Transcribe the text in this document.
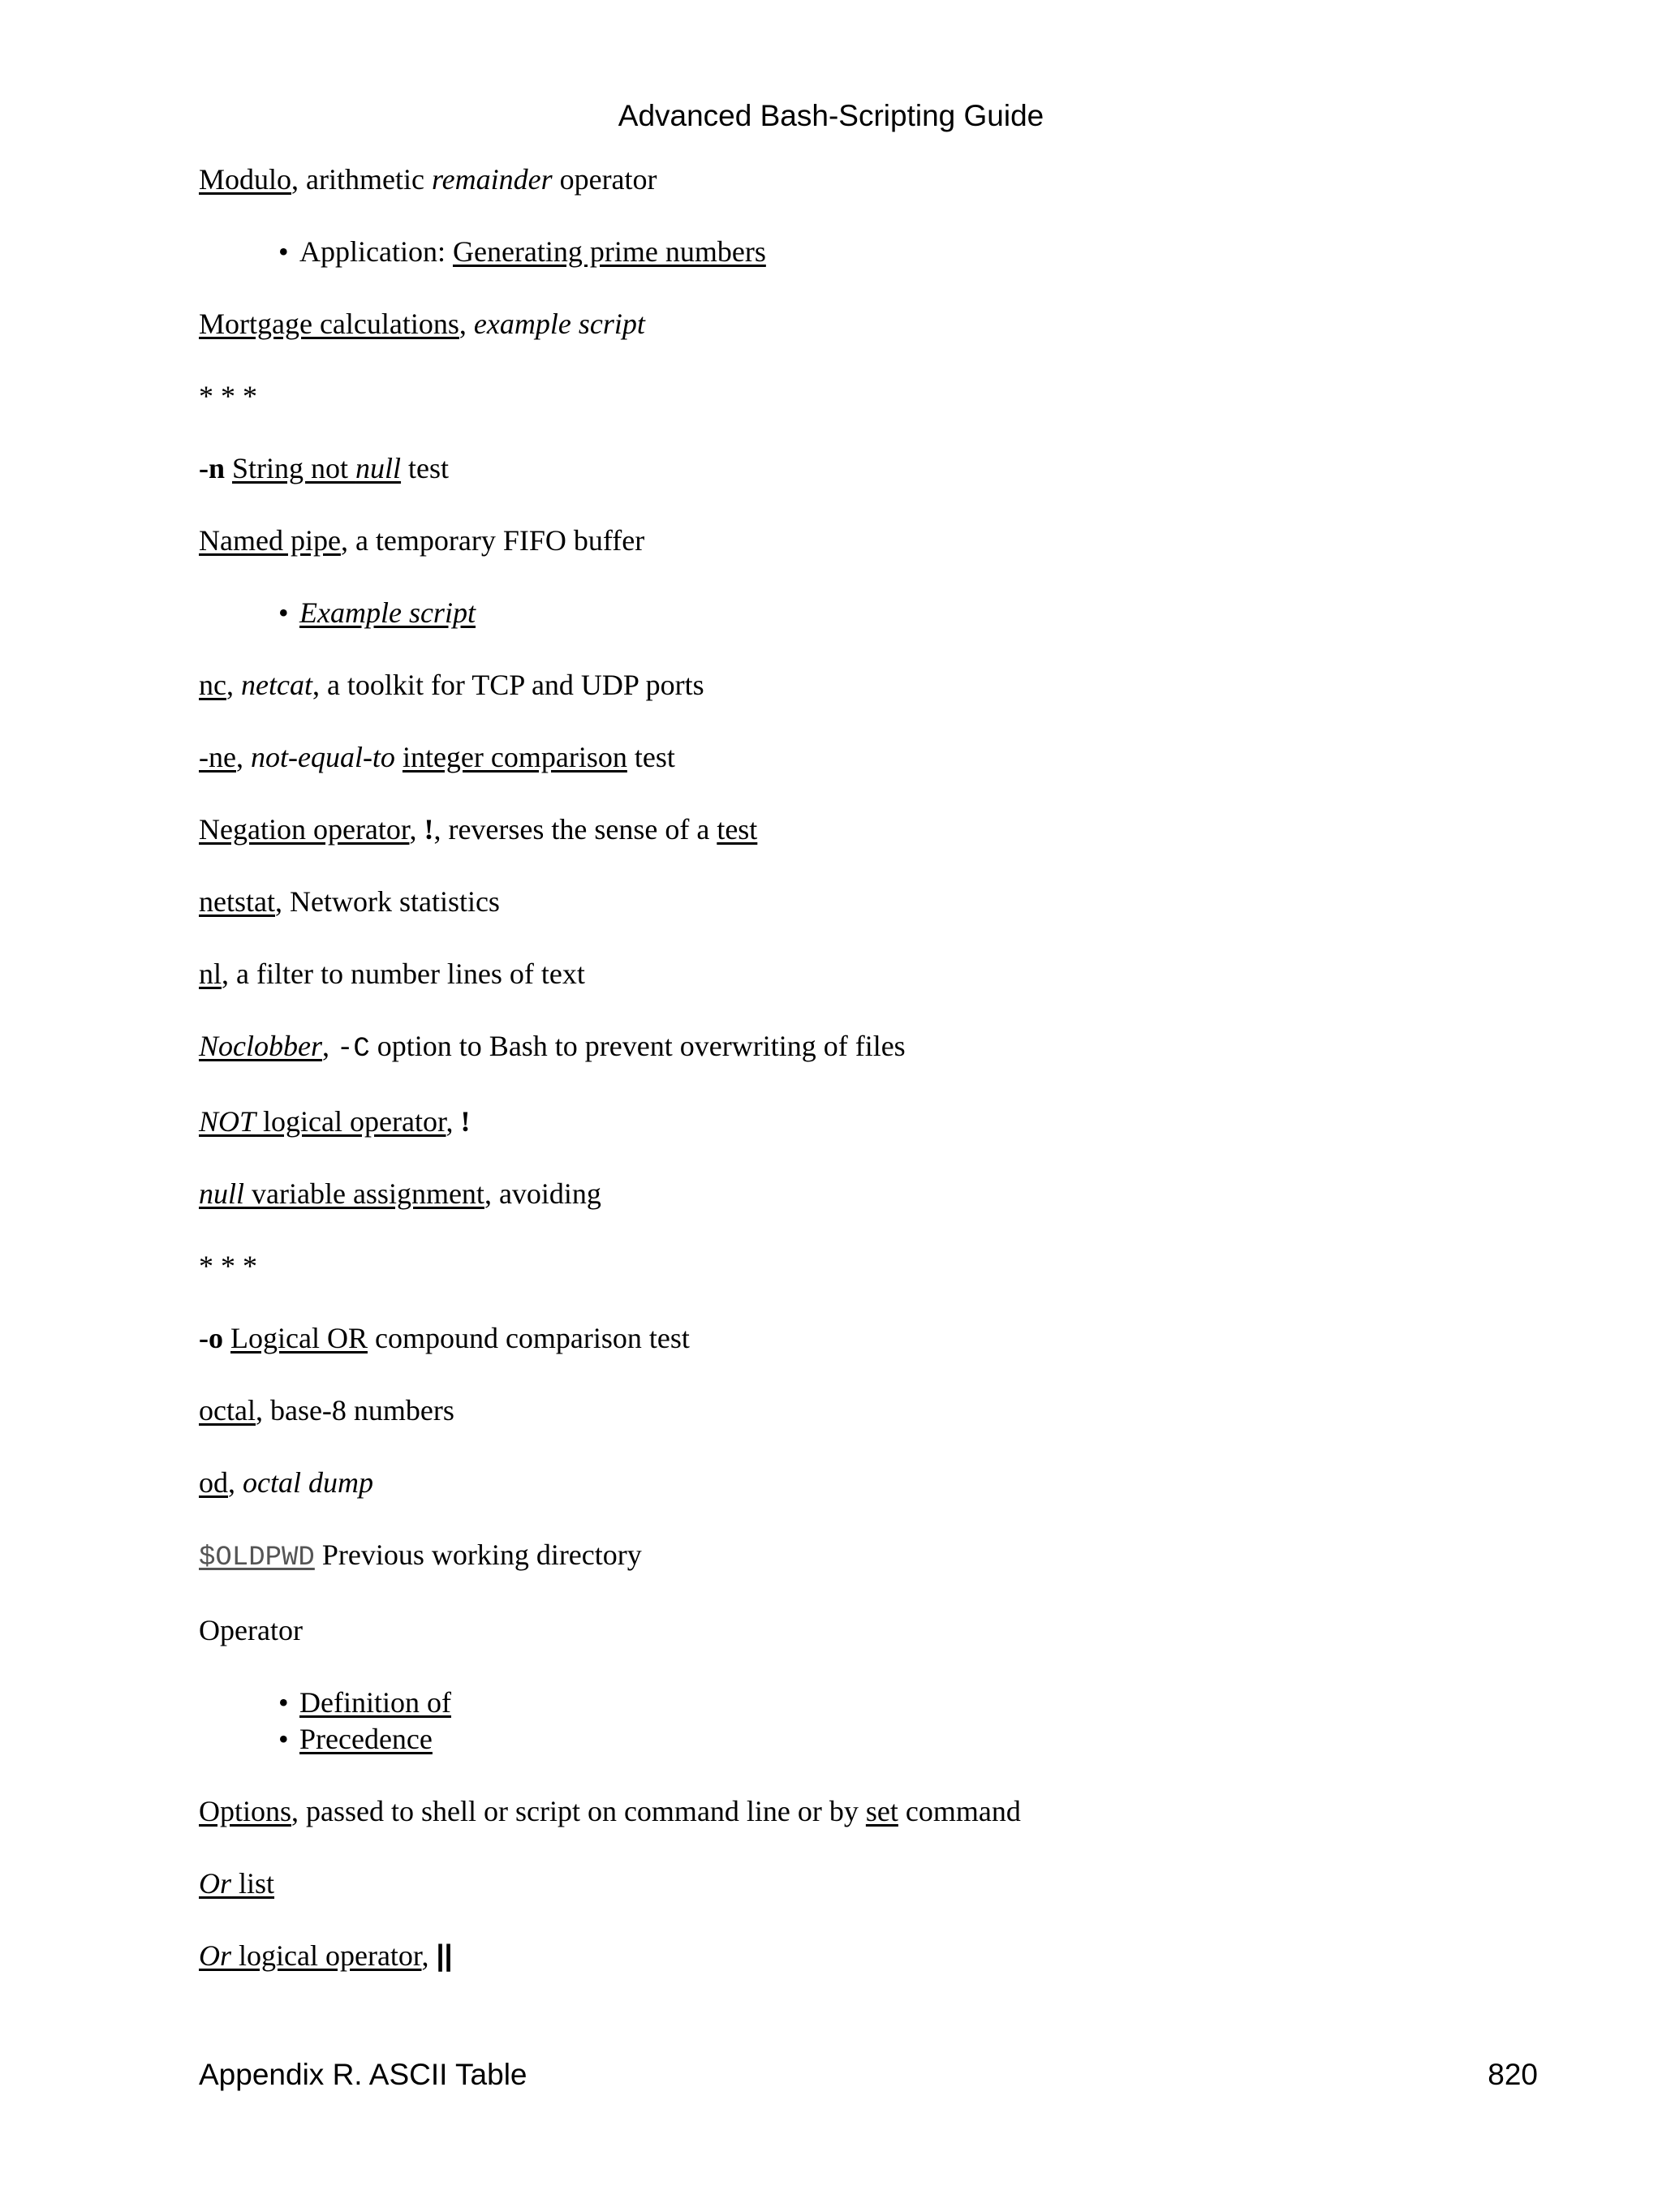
Advanced Bash-Scripting Guide
Modulo, arithmetic remainder operator
• Application: Generating prime numbers
Mortgage calculations, example script
* * *
-n String not null test
Named pipe, a temporary FIFO buffer
• Example script
nc, netcat, a toolkit for TCP and UDP ports
-ne, not-equal-to integer comparison test
Negation operator, !, reverses the sense of a test
netstat, Network statistics
nl, a filter to number lines of text
Noclobber, -C option to Bash to prevent overwriting of files
NOT logical operator, !
null variable assignment, avoiding
* * *
-o Logical OR compound comparison test
octal, base-8 numbers
od, octal dump
$OLDPWD Previous working directory
Operator
• Definition of
• Precedence
Options, passed to shell or script on command line or by set command
Or list
Or logical operator, ||
Appendix R. ASCII Table	820
